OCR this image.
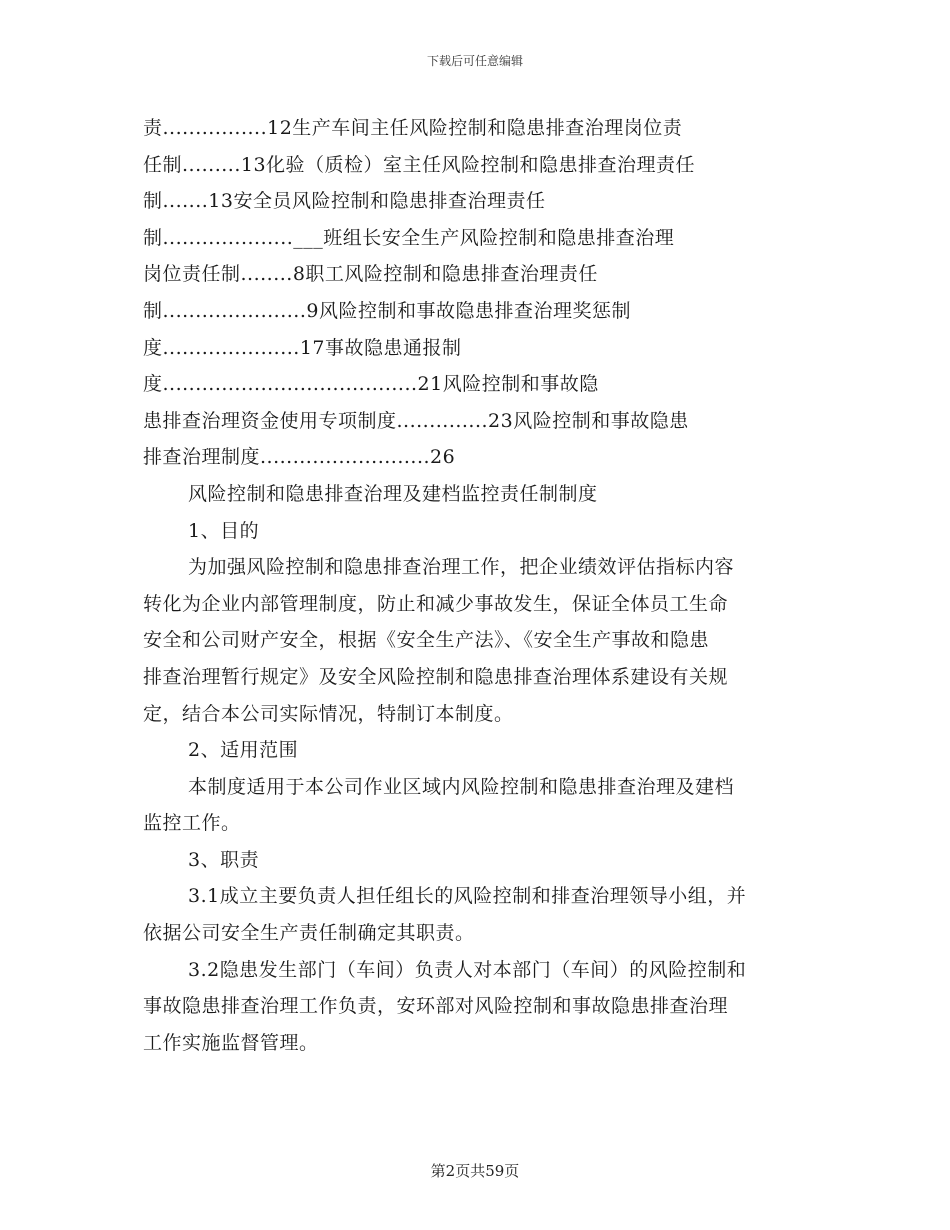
下载后可任意编辑
责................12生产车间主任风险控制和隐患排查治理岗位责
任制.........13化验（质检）室主任风险控制和隐患排查治理责任
制.......13安全员风险控制和隐患排查治理责任
制....................___班组长安全生产风险控制和隐患排查治理
岗位责任制........8职工风险控制和隐患排查治理责任
制......................9风险控制和事故隐患排查治理奖惩制
度.....................17事故隐患通报制
度.......................................21风险控制和事故隐
患排查治理资金使用专项制度..............23风险控制和事故隐患
排查治理制度..........................26
风险控制和隐患排查治理及建档监控责任制制度
1、目的
为加强风险控制和隐患排查治理工作，把企业绩效评估指标内容
转化为企业内部管理制度，防止和减少事故发生，保证全体员工生命
安全和公司财产安全，根据《安全生产法》、《安全生产事故和隐患
排查治理暂行规定》及安全风险控制和隐患排查治理体系建设有关规
定，结合本公司实际情况，特制订本制度。
2、适用范围
本制度适用于本公司作业区域内风险控制和隐患排查治理及建档
监控工作。
3、职责
3.1成立主要负责人担任组长的风险控制和排查治理领导小组，并
依据公司安全生产责任制确定其职责。
3.2隐患发生部门（车间）负责人对本部门（车间）的风险控制和
事故隐患排查治理工作负责，安环部对风险控制和事故隐患排查治理
工作实施监督管理。
第2页共59页
